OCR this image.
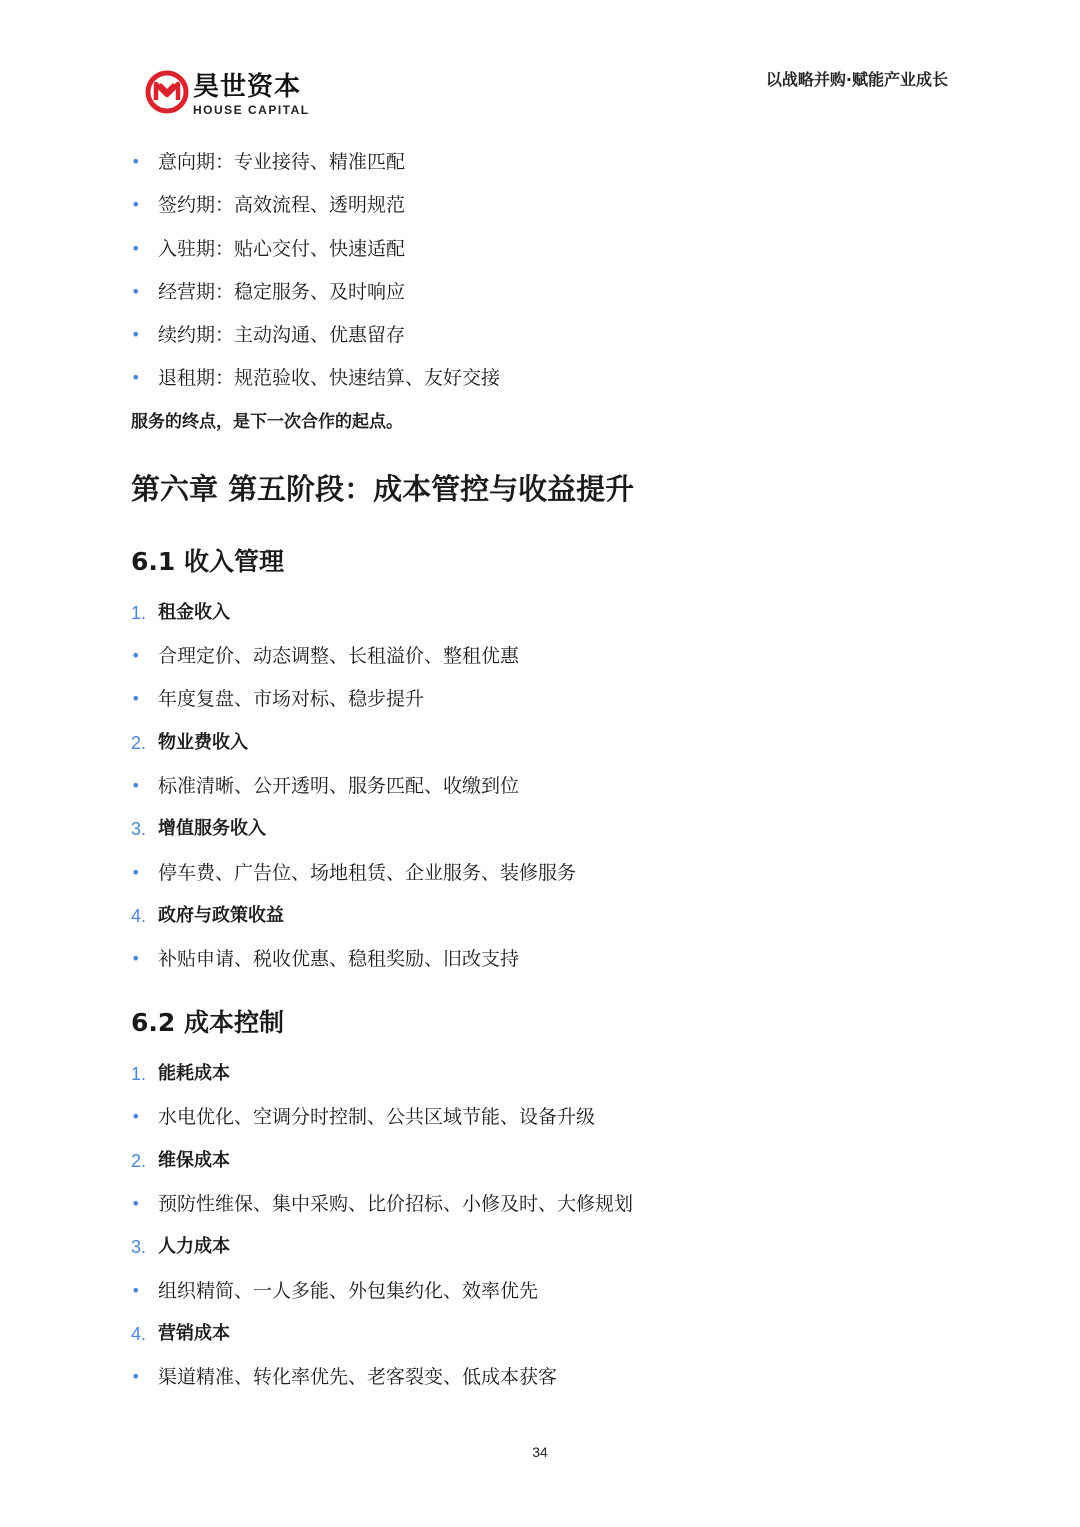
昊世资本
HOUSE CAPITAL
以战略并购·赋能产业成长
• 意向期：专业接待、精准匹配
• 签约期：高效流程、透明规范
• 入驻期：贴心交付、快速适配
• 经营期：稳定服务、及时响应
• 续约期：主动沟通、优惠留存
• 退租期：规范验收、快速结算、友好交接
服务的终点，是下一次合作的起点。
第六章 第五阶段：成本管控与收益提升
6.1 收入管理
1. 租金收入
• 合理定价、动态调整、长租溢价、整租优惠
• 年度复盘、市场对标、稳步提升
2. 物业费收入
• 标准清晰、公开透明、服务匹配、收缴到位
3. 增值服务收入
• 停车费、广告位、场地租赁、企业服务、装修服务
4. 政府与政策收益
• 补贴申请、税收优惠、稳租奖励、旧改支持
6.2 成本控制
1. 能耗成本
• 水电优化、空调分时控制、公共区域节能、设备升级
2. 维保成本
• 预防性维保、集中采购、比价招标、小修及时、大修规划
3. 人力成本
• 组织精简、一人多能、外包集约化、效率优先
4. 营销成本
• 渠道精准、转化率优先、老客裂变、低成本获客
34
